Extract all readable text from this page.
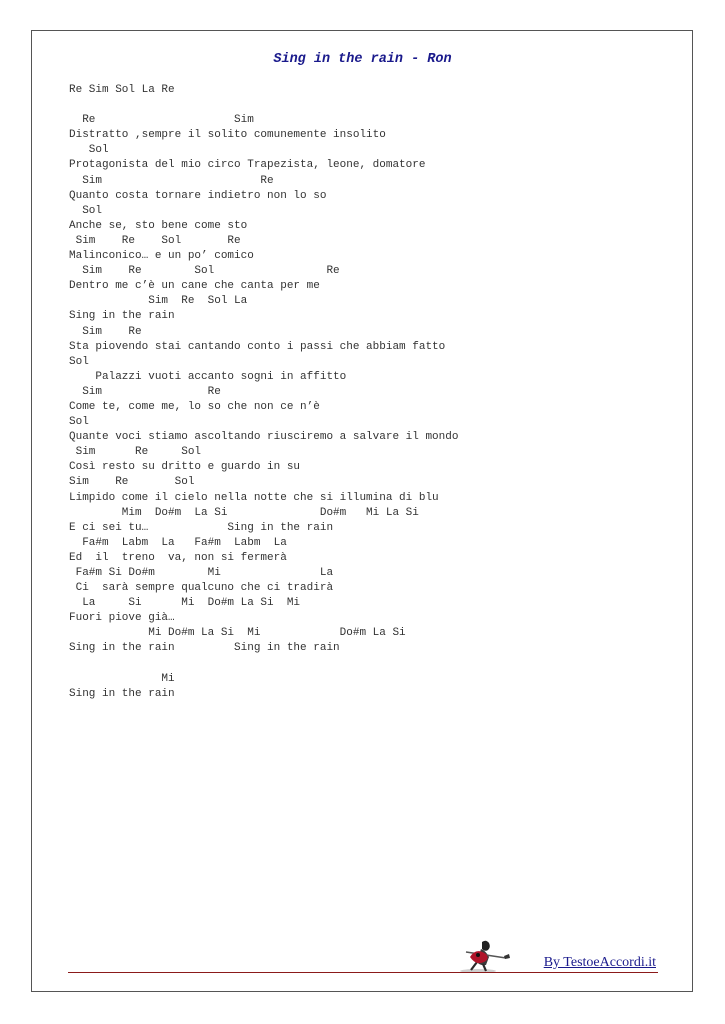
Sing in the rain - Ron
Re Sim Sol La Re
Re                     Sim
Distratto ,sempre il solito comunemente insolito
Sol
Protagonista del mio circo Trapezista, leone, domatore
Sim                        Re
Quanto costa tornare indietro non lo so
Sol
Anche se, sto bene come sto
Sim    Re    Sol       Re
Malinconico… e un po’ comico
Sim    Re        Sol                 Re
Dentro me c’è un cane che canta per me
Sim  Re  Sol La
Sing in the rain
Sim    Re
Sta piovendo stai cantando conto i passi che abbiam fatto
Sol
Palazzi vuoti accanto sogni in affitto
Sim                Re
Come te, come me, lo so che non ce n’è
Sol
Quante voci stiamo ascoltando riusciremo a salvare il mondo
Sim      Re     Sol
Così resto su dritto e guardo in su
Sim    Re       Sol
Limpido come il cielo nella notte che si illumina di blu
Mim  Do#m  La Si              Do#m   Mi La Si
E ci sei tu…            Sing in the rain
Fa#m  Labm  La   Fa#m  Labm  La
Ed  il  treno  va, non si fermerà
Fa#m Si Do#m        Mi               La
Ci  sarà sempre qualcuno che ci tradirà
La     Si      Mi  Do#m La Si  Mi
Fuori piove già…
Mi Do#m La Si  Mi            Do#m La Si
Sing in the rain         Sing in the rain
Mi
Sing in the rain
By TestoeAccordi.it
